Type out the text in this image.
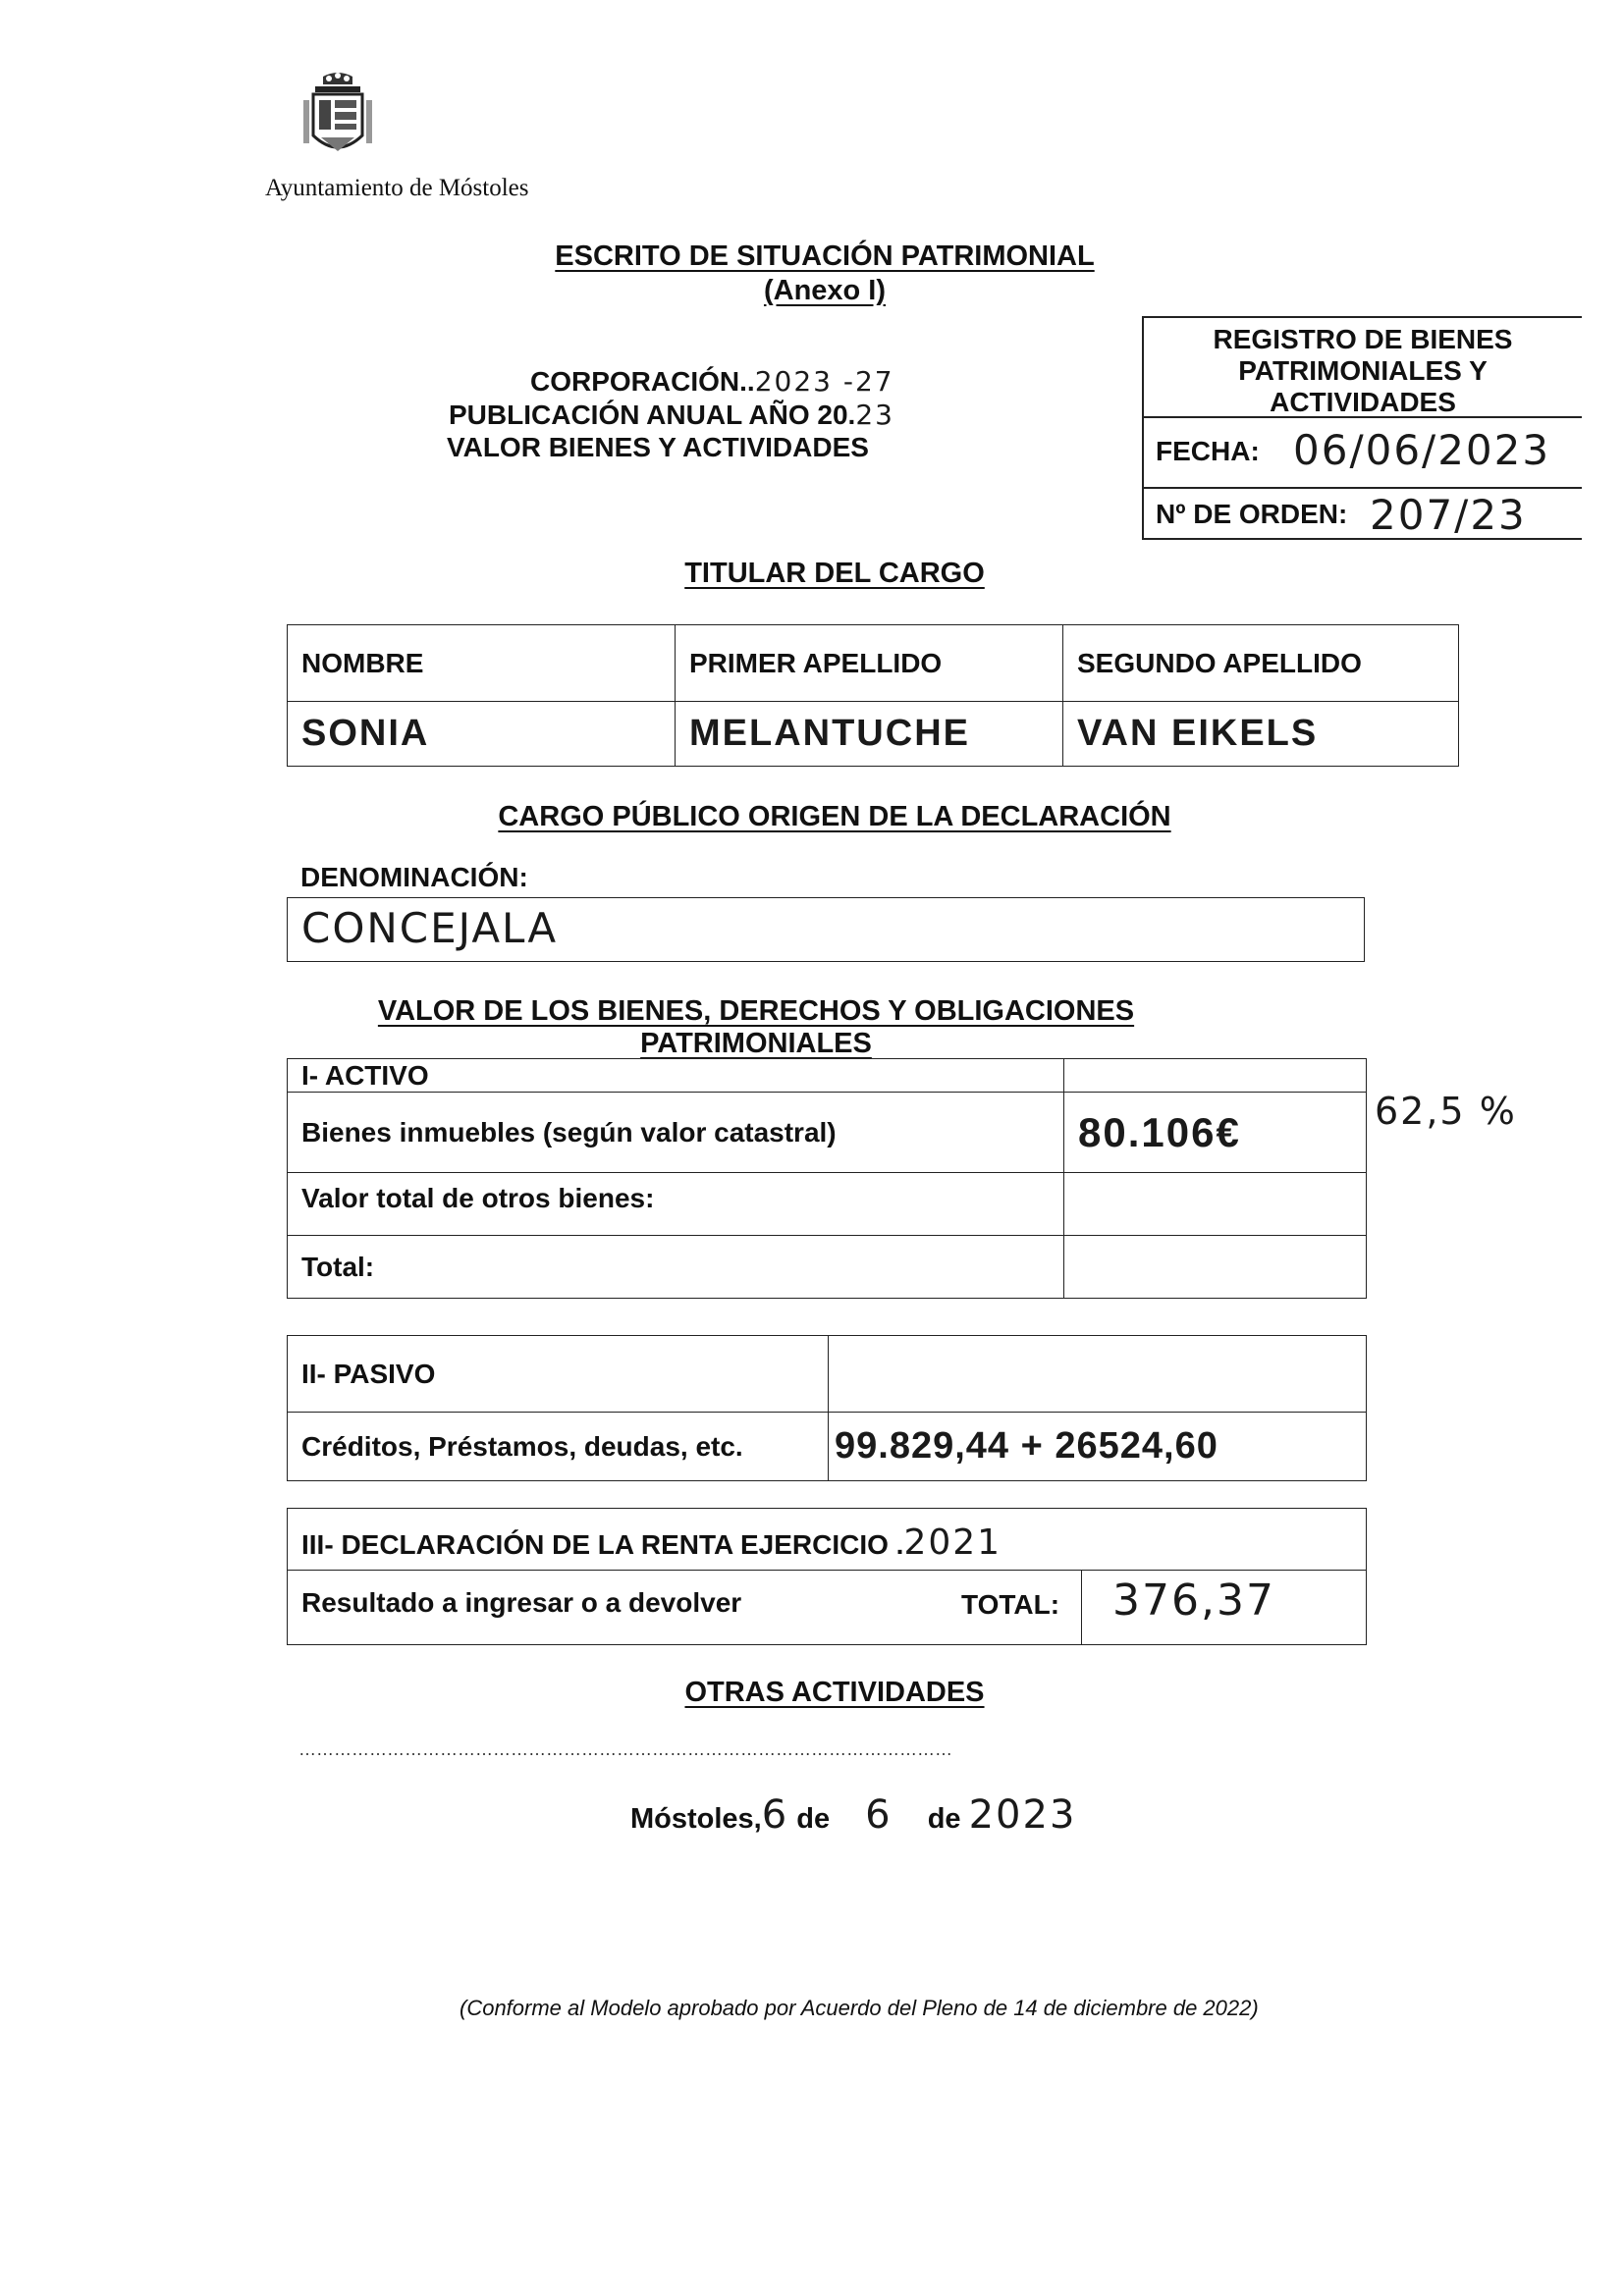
Ayuntamiento de Móstoles
ESCRITO DE SITUACIÓN PATRIMONIAL
(Anexo I)
CORPORACIÓN..2023 -27
PUBLICACIÓN ANUAL AÑO 20.23
VALOR BIENES Y ACTIVIDADES
REGISTRO DE BIENES PATRIMONIALES Y ACTIVIDADES
FECHA: 06/06/2023
Nº DE ORDEN: 207/23
TITULAR DEL CARGO
NOMBRE	PRIMER APELLIDO	SEGUNDO APELLIDO
SONIA	MELANTUCHE	VAN EIKELS
CARGO PÚBLICO ORIGEN DE LA DECLARACIÓN
DENOMINACIÓN:
CONCEJALA
VALOR DE LOS BIENES, DERECHOS Y OBLIGACIONES PATRIMONIALES
I- ACTIVO	
Bienes inmuebles (según valor catastral)	80.106€
Valor total de otros bienes:	
Total:	
62,5 %
II- PASIVO	
Créditos, Préstamos, deudas, etc.	99.829,44 + 26524,60
III- DECLARACIÓN DE LA RENTA EJERCICIO .2021
Resultado a ingresar o a devolver	TOTAL: 376,37
OTRAS ACTIVIDADES
…………………………………………………………………………………………………
Móstoles,6 de 6 de 2023
(Conforme al Modelo aprobado por Acuerdo del Pleno de 14 de diciembre de 2022)
